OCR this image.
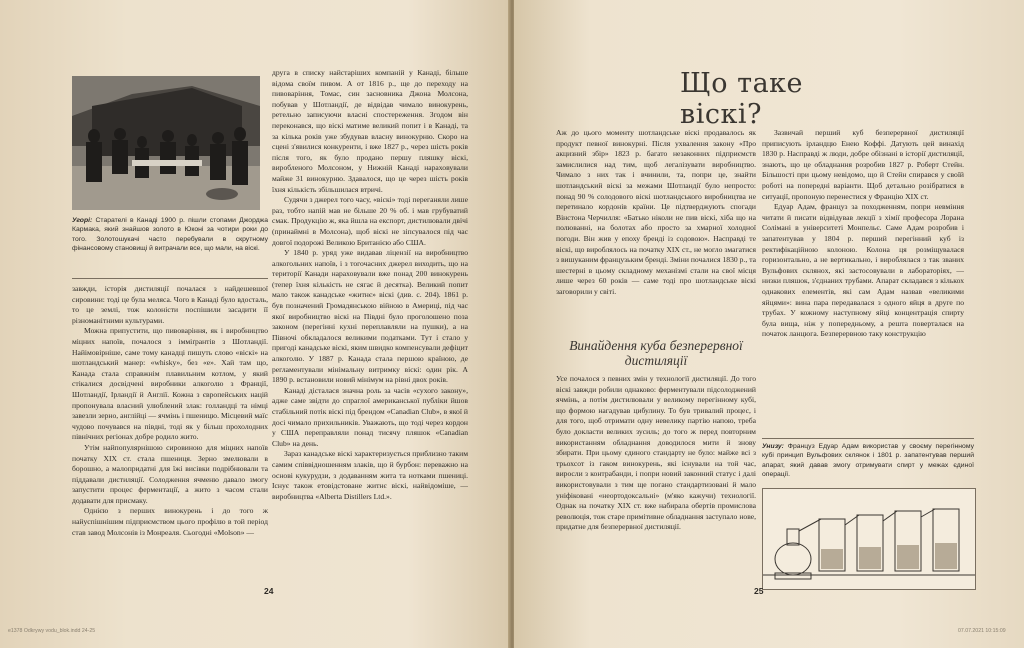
Угорі: Старателі в Канаді 1900 р. пішли стопами Джорджа Кармака, який знайшов золото в Юконі за чотири роки до того. Золотошукачі часто перебували в скрутному фінансовому становищі й витрачали все, що мали, на віскі.

завжди, історія дистиляції почалася з найдешевшої сировини: тоді це була меляса. Чого в Канаді було вдосталь, то це землі, тож колоністи поспішили засадити її різноманітними культурами.

Можна припустити, що пивоваріння, як і виробництво міцних напоїв, почалося з імміґрантів з Шотландії. Найімовірніше, саме тому канадці пишуть слово «віскі» на шотландський манер: «whisky», без «е». Хай там що, Канада стала справжнім плавильним котлом, у який стікалися досвідчені виробники алкоголю з Франції, Шотландії, Ірландії й Англії. Кожна з європейських націй пропонувала власний улюблений злак: голландці та німці завезли зерно, англійці — ячмінь і пшеницю. Місцевий маїс чудово почувався на півдні, тоді як у більш прохолодних північних регіонах добре родило жито.

Утім найпопулярнішою сировиною для міцних напоїв початку XIX ст. стала пшениця. Зерно змелювали в борошно, а малопридатні для їжі висівки подрібнювали та піддавали дистиляції. Солодження ячменю давало змогу запустити процес ферментації, а жито з часом стали додавати для присмаку.

Однією з перших винокурень і до того ж найуспішнішим підприємством цього профілю в той період став завод Молсонів із Монреаля. Сьогодні «Molson» —

друга в списку найстаріших компаній у Канаді, більше відома своїм пивом. А от 1816 р., ще до переходу на пивоваріння, Томас, син засновника Джона Молсона, побував у Шотландії, де відвідав чимало винокурень, ретельно записуючи власні спостереження. Згодом він переконався, що віскі матиме великий попит і в Канаді, та за кілька років уже збудував власну винокурню. Скоро на сцені з'явилися конкуренти, і вже 1827 р., через шість років після того, як було продано першу пляшку віскі, виробленого Молсоном, у Нижній Канаді нараховували майже 31 винокурню. Здавалося, що це через шість років їхня кількість збільшилася втричі.

Судячи з джерел того часу, «віскі» тоді переганяли лише раз, тобто напій мав не більше 20 % об. і мав грубуватий смак. Продукцію ж, яка йшла на експорт, дистилювали двічі (принаймні в Молсона), щоб віскі не зіпсувалося під час довгої подорожі Великою Британією або США.

У 1840 р. уряд уже видавав ліцензії на виробництво алкогольних напоїв, і з тогочасних джерел виходить, що на території Канади нараховували вже понад 200 винокурень (тепер їхня кількість не сягає й десятка). Великий попит мало також канадське «житнє» віскі (див. с. 204). 1861 р. був позначений Громадянською війною в Америці, під час якої виробництво віскі на Півдні було проголошено поза законом (перегінні кухні переплавляли на пушки), а на Півночі обкладалося великими податками. Тут і стало у пригоді канадське віскі, яким швидко компенсували дефіцит алкоголю. У 1887 р. Канада стала першою країною, де регламентували мінімальну витримку віскі: один рік. А 1890 р. встановили новий мінімум на рівні двох років.

Канаді дісталася значна роль за часів «сухого закону», адже саме звідти до спраглої американської публіки йшов стабільний потік віскі під брендом «Canadian Club», в якої й досі чимало прихильників. Уважають, що тоді через кордон у США переправляли понад тисячу пляшок «Canadian Club» на день.

Зараз канадське віскі характеризується приблизно таким самим співвідношенням злаків, що й бурбон: переважно на основі кукурудзи, з додаванням жита та нотками пшениці. Існує також етовідстоване житнє віскі, найвідоміше, — виробництва «Alberta Distillers Ltd.».

24
e1378 Odkrywy vodu_blok.indd 24-25
Що таке віскі?

Аж до цього моменту шотландське віскі продавалось як продукт певної винокурні. Після ухвалення закону «Про акцизний збір» 1823 р. багато незаконних підприємств замислилися над тим, щоб легалізувати виробництво. Чимало з них так і вчинили, та, попри це, знайти шотландський віскі за межами Шотландії було непросто: понад 90 % солодового віскі шотландського виробництва не перетинало кордонів країни. Це підтверджують спогади Вінстона Черчилля: «Батько ніколи не пив віскі, хіба що на полюванні, на болотах або просто за хмарної холодної погоди. Він жив у епоху бренді із содовою». Насправді те віскі, що вироблялось на початку XIX ст., не могло змагатися з вишуканим французьким бренді. Зміни почалися 1830 р., та шестерні в цьому складному механізмі стали на свої місця лише через 60 років — саме тоді про шотландське віскі заговорили у світі.

Винайдення куба безперервної дистиляції

Усе почалося з певних змін у технології дистиляції. До того віскі завжди робили однаково: ферментували підсолоджений ячмінь, а потім дистилювали у великому перегінному кубі, що формою нагадував цибулину. То був тривалий процес, і для того, щоб отримати одну невелику партію напою, треба було докласти великих зусиль; до того ж перед повторним використанням обладнання доводилося мити й знову збирати. При цьому єдиного стандарту не було: майже всі з трьохсот із гаком винокурень, які існували на той час, виросли з контрабанди, і попри новий законний статус і далі використовували з тим ще погано стандартизовані й мало уніфіковані «неортодоксальні» (м'яко кажучи) технології. Однак на початку XIX ст. вже набирала обертів промислова революція, тож старе примітивне обладнання заступало нове, придатне для безперервної дистиляції.

Зазвичай перший куб безперервної дистиляції приписують ірландцю Енею Коффі. Датують цей винахід 1830 р. Насправді ж люди, добре обізнані в історії дистиляції, знають, що це обладнання розробив 1827 р. Роберт Стейн. Більшості при цьому невідомо, що й Стейн спирався у своїй роботі на попередні варіанти. Щоб детально розібратися в ситуації, пропоную перенестися у Францію XIX ст.

Едуар Адам, француз за походженням, попри невміння читати й писати відвідував лекції з хімії професора Лорана Соліманi в університеті Монпельє. Саме Адам розробив і запатентував у 1804 р. перший перегінний куб із ректифікаційною колоною. Колона ця розміщувалася горизонтально, а не вертикально, і вироблялася з так званих Вульфових скляноx, які застосовували в лабораторіях, — низки пляшок, з'єднаних трубами. Апарат складався з кількох однакових елементів, які сам Адам назвав «великими яйцями»: вина пара передавалася з одного яйця в друге по трубах. У кожному наступному яйці концентрація спирту була вища, ніж у попередньому, а решта поверталася на початок ланцюга. Безперервною таку конструкцію

Унизу: Француз Едуар Адам використав у своєму перегінному кубі принцип Вульфових склянок і 1801 р. запатентував перший апарат, який давав змогу отримувати спирт у межах єдиної операції.
25
07.07.2021 10:15:09
